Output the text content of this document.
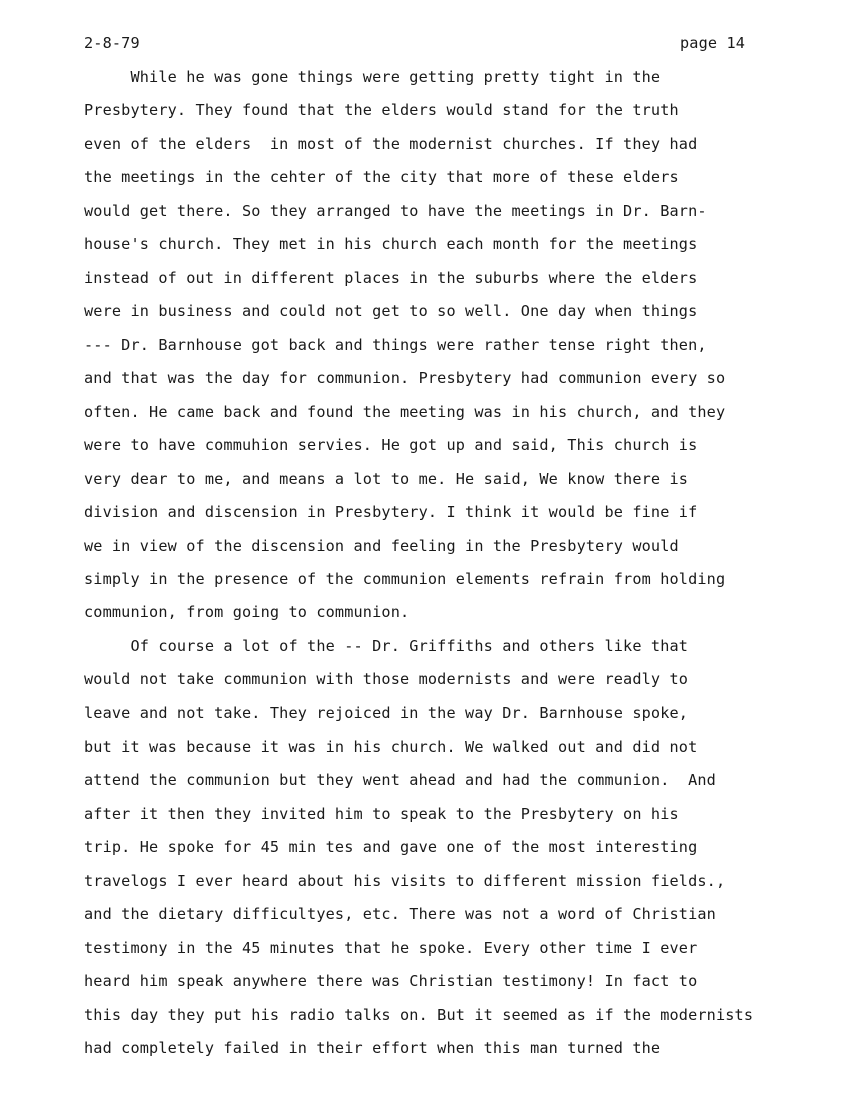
2-8-79	page 14
While he was gone things were getting pretty tight in the
Presbytery. They found that the elders would stand for the truth
even of the elders  in most of the modernist churches. If they had
the meetings in the cehter of the city that more of these elders
would get there. So they arranged to have the meetings in Dr. Barn-
house's church. They met in his church each month for the meetings
instead of out in different places in the suburbs where the elders
were in business and could not get to so well. One day when things
--- Dr. Barnhouse got back and things were rather tense right then,
and that was the day for communion. Presbytery had communion every so
often. He came back and found the meeting was in his church, and they
were to have commuhion servies. He got up and said, This church is
very dear to me, and means a lot to me. He said, We know there is
division and discension in Presbytery. I think it would be fine if
we in view of the discension and feeling in the Presbytery would
simply in the presence of the communion elements refrain from holding
communion, from going to communion.
Of course a lot of the -- Dr. Griffiths and others like that
would not take communion with those modernists and were readly to
leave and not take. They rejoiced in the way Dr. Barnhouse spoke,
but it was because it was in his church. We walked out and did not
attend the communion but they went ahead and had the communion.  And
after it then they invited him to speak to the Presbytery on his
trip. He spoke for 45 min tes and gave one of the most interesting
travelogs I ever heard about his visits to different mission fields.,
and the dietary difficultyes, etc. There was not a word of Christian
testimony in the 45 minutes that he spoke. Every other time I ever
heard him speak anywhere there was Christian testimony! In fact to
this day they put his radio talks on. But it seemed as if the modernists
had completely failed in their effort when this man turned the
